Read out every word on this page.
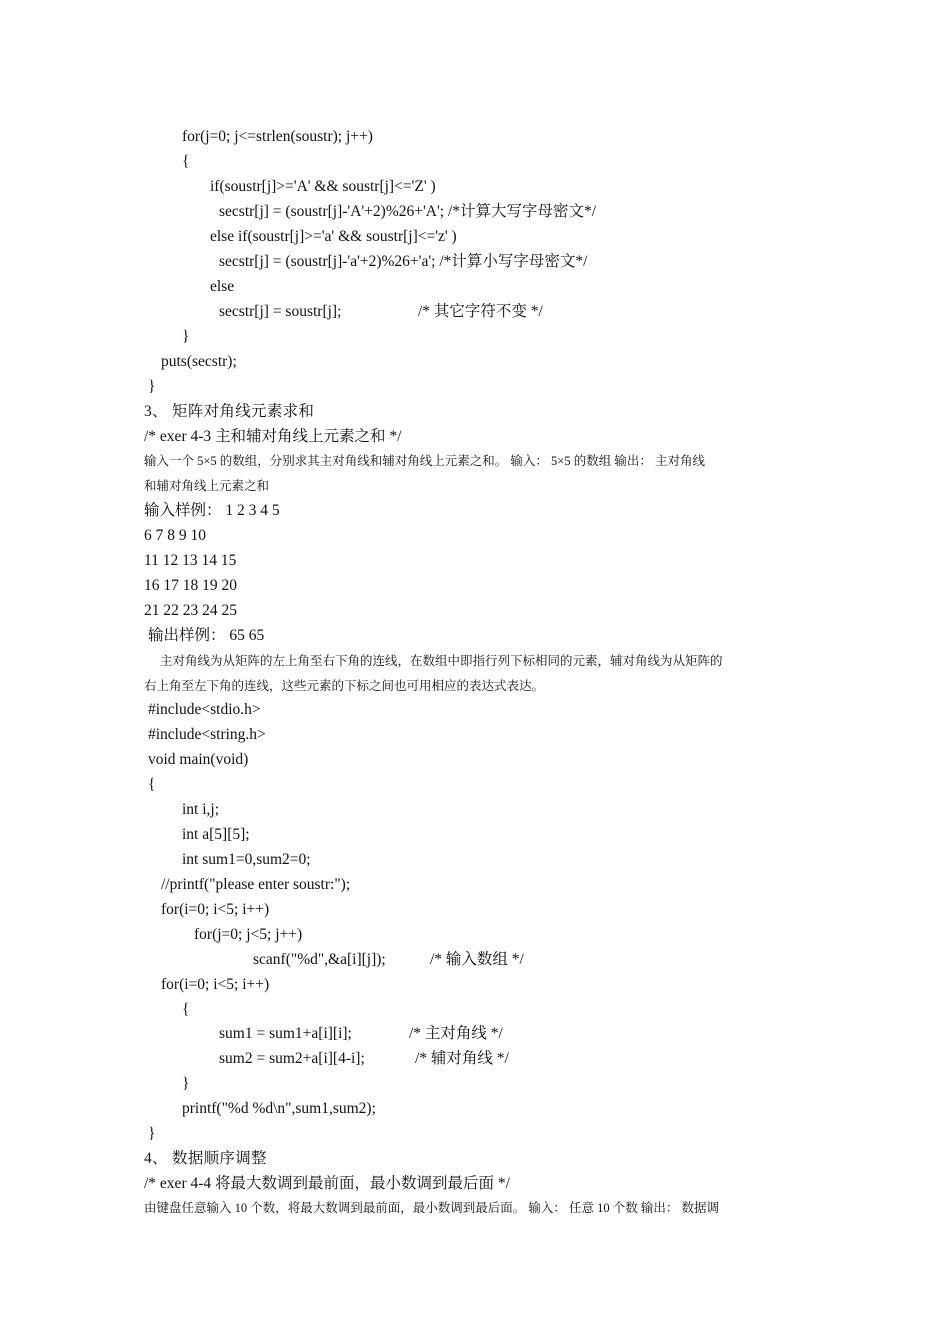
for(j=0; j<=strlen(soustr); j++)
{
if(soustr[j]>='A' && soustr[j]<='Z' )
secstr[j] = (soustr[j]-'A'+2)%26+'A'; /*计算大写字母密文*/
else if(soustr[j]>='a' && soustr[j]<='z' )
secstr[j] = (soustr[j]-'a'+2)%26+'a'; /*计算小写字母密文*/
else
secstr[j] = soustr[j];	/* 其它字符不变 */
}
puts(secstr);
}
3、 矩阵对角线元素求和
/* exer 4-3 主和辅对角线上元素之和 */
输入一个 5×5 的数组，分别求其主对角线和辅对角线上元素之和。 输入： 5×5 的数组 输出： 主对角线
和辅对角线上元素之和
输入样例： 1 2 3 4 5
6 7 8 9 10
11 12 13 14 15
16 17 18 19 20
21 22 23 24 25
输出样例： 65 65
主对角线为从矩阵的左上角至右下角的连线，在数组中即指行列下标相同的元素，辅对角线为从矩阵的
右上角至左下角的连线，这些元素的下标之间也可用相应的表达式表达。
#include<stdio.h>
#include<string.h>
void main(void)
{
int i,j;
int a[5][5];
int sum1=0,sum2=0;
//printf("please enter soustr:");
for(i=0; i<5; i++)
for(j=0; j<5; j++)
scanf("%d",&a[i][j]);	/* 输入数组 */
for(i=0; i<5; i++)
{
sum1 = sum1+a[i][i];	/* 主对角线 */
sum2 = sum2+a[i][4-i];	/* 辅对角线 */
}
printf("%d %d\n",sum1,sum2);
}
4、 数据顺序调整
/* exer 4-4 将最大数调到最前面，最小数调到最后面 */
由键盘任意输入 10 个数，将最大数调到最前面，最小数调到最后面。 输入： 任意 10 个数 输出： 数据调
